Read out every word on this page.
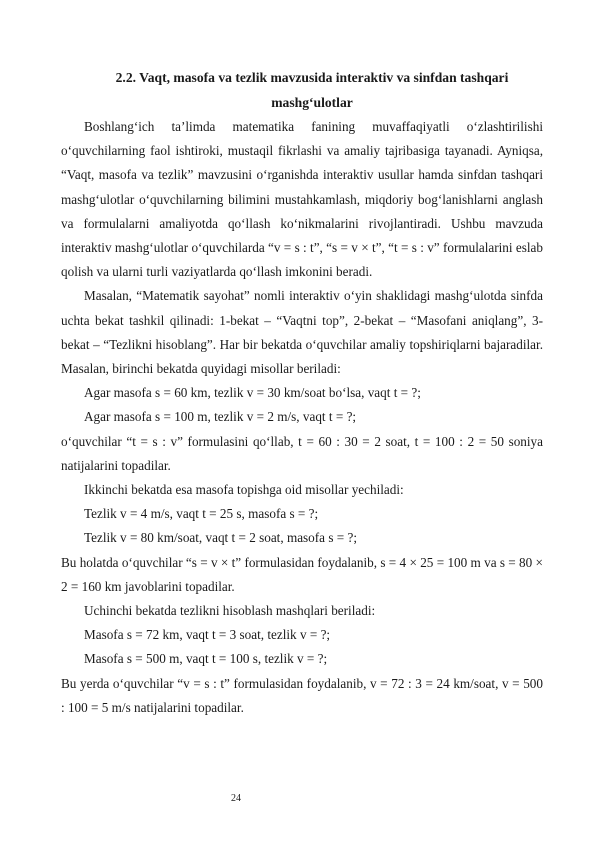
2.2. Vaqt, masofa va tezlik mavzusida interaktiv va sinfdan tashqari
mashg‘ulotlar

Boshlang‘ich ta’limda matematika fanining muvaffaqiyatli o‘zlashtirilishi o‘quvchilarning faol ishtiroki, mustaqil fikrlashi va amaliy tajribasiga tayanadi. Ayniqsa, “Vaqt, masofa va tezlik” mavzusini o‘rganishda interaktiv usullar hamda sinfdan tashqari mashg‘ulotlar o‘quvchilarning bilimini mustahkamlash, miqdoriy bog‘lanishlarni anglash va formulalarni amaliyotda qo‘llash ko‘nikmalarini rivojlantiradi. Ushbu mavzuda interaktiv mashg‘ulotlar o‘quvchilarda “v = s : t”, “s = v × t”, “t = s : v” formulalarini eslab qolish va ularni turli vaziyatlarda qo‘llash imkonini beradi.

Masalan, “Matematik sayohat” nomli interaktiv o‘yin shaklidagi mashg‘ulotda sinfda uchta bekat tashkil qilinadi: 1-bekat – “Vaqtni top”, 2-bekat – “Masofani aniqlang”, 3-bekat – “Tezlikni hisoblang”. Har bir bekatda o‘quvchilar amaliy topshiriqlarni bajaradilar. Masalan, birinchi bekatda quyidagi misollar beriladi:

Agar masofa s = 60 km, tezlik v = 30 km/soat bo‘lsa, vaqt t = ?;

Agar masofa s = 100 m, tezlik v = 2 m/s, vaqt t = ?;

o‘quvchilar “t = s : v” formulasini qo‘llab, t = 60 : 30 = 2 soat, t = 100 : 2 = 50 soniya natijalarini topadilar.

Ikkinchi bekatda esa masofa topishga oid misollar yechiladi:

Tezlik v = 4 m/s, vaqt t = 25 s, masofa s = ?;

Tezlik v = 80 km/soat, vaqt t = 2 soat, masofa s = ?;

Bu holatda o‘quvchilar “s = v × t” formulasidan foydalanib, s = 4 × 25 = 100 m va s = 80 × 2 = 160 km javoblarini topadilar.

Uchinchi bekatda tezlikni hisoblash mashqlari beriladi:

Masofa s = 72 km, vaqt t = 3 soat, tezlik v = ?;

Masofa s = 500 m, vaqt t = 100 s, tezlik v = ?;

Bu yerda o‘quvchilar “v = s : t” formulasidan foydalanib, v = 72 : 3 = 24 km/soat, v = 500 : 100 = 5 m/s natijalarini topadilar.

24
